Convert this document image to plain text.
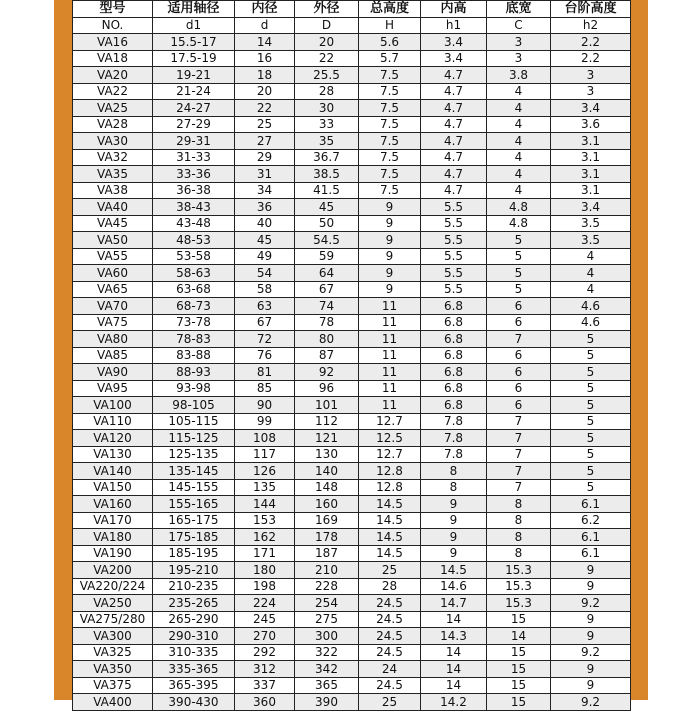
型号	适用轴径	内径	外径	总高度	内高	底宽	台阶高度
NO.	d1	d	D	H	h1	C	h2
VA16	15.5-17	14	20	5.6	3.4	3	2.2
VA18	17.5-19	16	22	5.7	3.4	3	2.2
VA20	19-21	18	25.5	7.5	4.7	3.8	3
VA22	21-24	20	28	7.5	4.7	4	3
VA25	24-27	22	30	7.5	4.7	4	3.4
VA28	27-29	25	33	7.5	4.7	4	3.6
VA30	29-31	27	35	7.5	4.7	4	3.1
VA32	31-33	29	36.7	7.5	4.7	4	3.1
VA35	33-36	31	38.5	7.5	4.7	4	3.1
VA38	36-38	34	41.5	7.5	4.7	4	3.1
VA40	38-43	36	45	9	5.5	4.8	3.4
VA45	43-48	40	50	9	5.5	4.8	3.5
VA50	48-53	45	54.5	9	5.5	5	3.5
VA55	53-58	49	59	9	5.5	5	4
VA60	58-63	54	64	9	5.5	5	4
VA65	63-68	58	67	9	5.5	5	4
VA70	68-73	63	74	11	6.8	6	4.6
VA75	73-78	67	78	11	6.8	6	4.6
VA80	78-83	72	80	11	6.8	7	5
VA85	83-88	76	87	11	6.8	6	5
VA90	88-93	81	92	11	6.8	6	5
VA95	93-98	85	96	11	6.8	6	5
VA100	98-105	90	101	11	6.8	6	5
VA110	105-115	99	112	12.7	7.8	7	5
VA120	115-125	108	121	12.5	7.8	7	5
VA130	125-135	117	130	12.7	7.8	7	5
VA140	135-145	126	140	12.8	8	7	5
VA150	145-155	135	148	12.8	8	7	5
VA160	155-165	144	160	14.5	9	8	6.1
VA170	165-175	153	169	14.5	9	8	6.2
VA180	175-185	162	178	14.5	9	8	6.1
VA190	185-195	171	187	14.5	9	8	6.1
VA200	195-210	180	210	25	14.5	15.3	9
VA220/224	210-235	198	228	28	14.6	15.3	9
VA250	235-265	224	254	24.5	14.7	15.3	9.2
VA275/280	265-290	245	275	24.5	14	15	9
VA300	290-310	270	300	24.5	14.3	14	9
VA325	310-335	292	322	24.5	14	15	9.2
VA350	335-365	312	342	24	14	15	9
VA375	365-395	337	365	24.5	14	15	9
VA400	390-430	360	390	25	14.2	15	9.2
